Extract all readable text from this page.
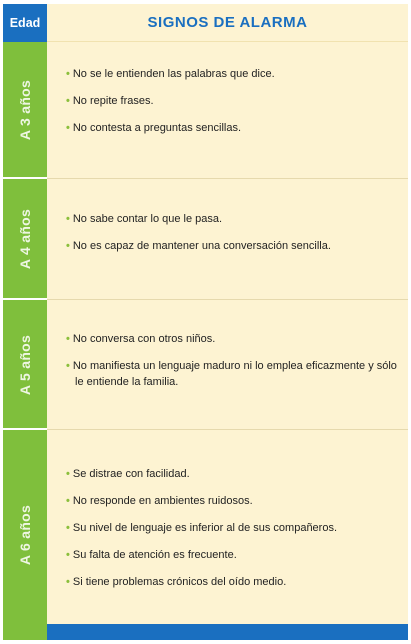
Edad	SIGNOS DE ALARMA
A 3 años
A 4 años
A 5 años
A 6 años
• No se le entienden las palabras que dice.
• No repite frases.
• No contesta a preguntas sencillas.
• No sabe contar lo que le pasa.
• No es capaz de mantener una conversación sencilla.
• No conversa con otros niños.
• No manifiesta un lenguaje maduro ni lo emplea eficazmente y sólo le entiende la familia.
• Se distrae con facilidad.
• No responde en ambientes ruidosos.
• Su nivel de lenguaje es inferior al de sus compañeros.
• Su falta de atención es frecuente.
• Si tiene problemas crónicos del oído medio.
